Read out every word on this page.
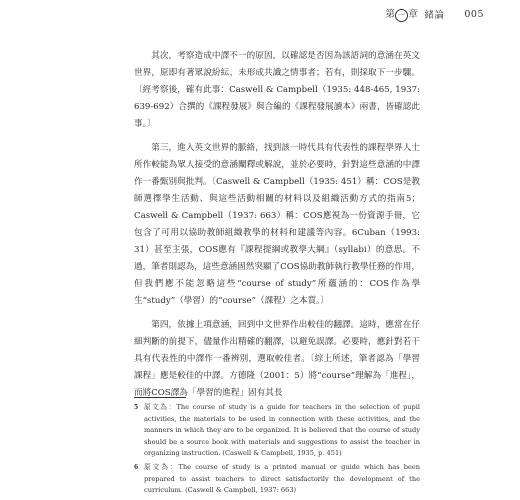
第 一 章 緒論 005

其次，考察造成中譯不一的原因，以確認是否因為該語詞的意涵在英文世界，原即有著眾說紛紜、未形成共識之情事者；若有，則採取下一步驟。〔經考察後，確有此事：Caswell & Campbell（1935: 448-465, 1937: 639-692）合撰的《課程發展》與合編的《課程發展讀本》兩書，皆確認此事。〕

第三，進入英文世界的脈絡，找到該一時代具有代表性的課程學界人士所作較能為眾人接受的意涵闡釋或解說，並於必要時，針對這些意涵的中譯作一番甄別與批判。〔Caswell & Campbell（1935: 451）稱：COS是教師選擇學生活動、與這些活動相關的材料以及組織活動方式的指南5；Caswell & Campbell（1937: 663）稱：COS應視為一份資源手冊，它包含了可用以協助教師組織教學的材料和建議等內容。6Cuban（1993: 31）甚至主張，COS應有『課程提綱或教學大綱』（syllabi）的意思。不過，筆者則認為，這些意涵固然突顯了COS協助教師執行教學任務的作用，但我們應不能忽略這些“course of study”所蘊涵的：COS作為學生“study”（學習）的“course”（課程）之本質。〕

第四，依據上項意涵，回到中文世界作出較佳的翻譯。這時，應當在仔細判斷的前提下，儘量作出精確的翻譯，以避免誤譯。必要時，應針對若干具有代表性的中譯作一番辨別，選取較佳者。〔綜上所述，筆者認為「學習課程」應是較佳的中譯。方德隆（2001：5）將“course”理解為「進程」，而將COS譯為「學習的進程」固有其長

5 原文為：The course of study is a guide for teachers in the selection of pupil activities, the materials to be used in connection with these activities, and the manners in which they are to be organized. It is believed that the course of study should be a source book with materials and suggestions to assist the teacher in organizing instruction. (Caswell & Campbell, 1935, p. 451)
6 原文為：The course of study is a printed manual or guide which has been prepared to assist teachers to direct satisfactorily the development of the curriculum. (Caswell & Campbell, 1937: 663)
